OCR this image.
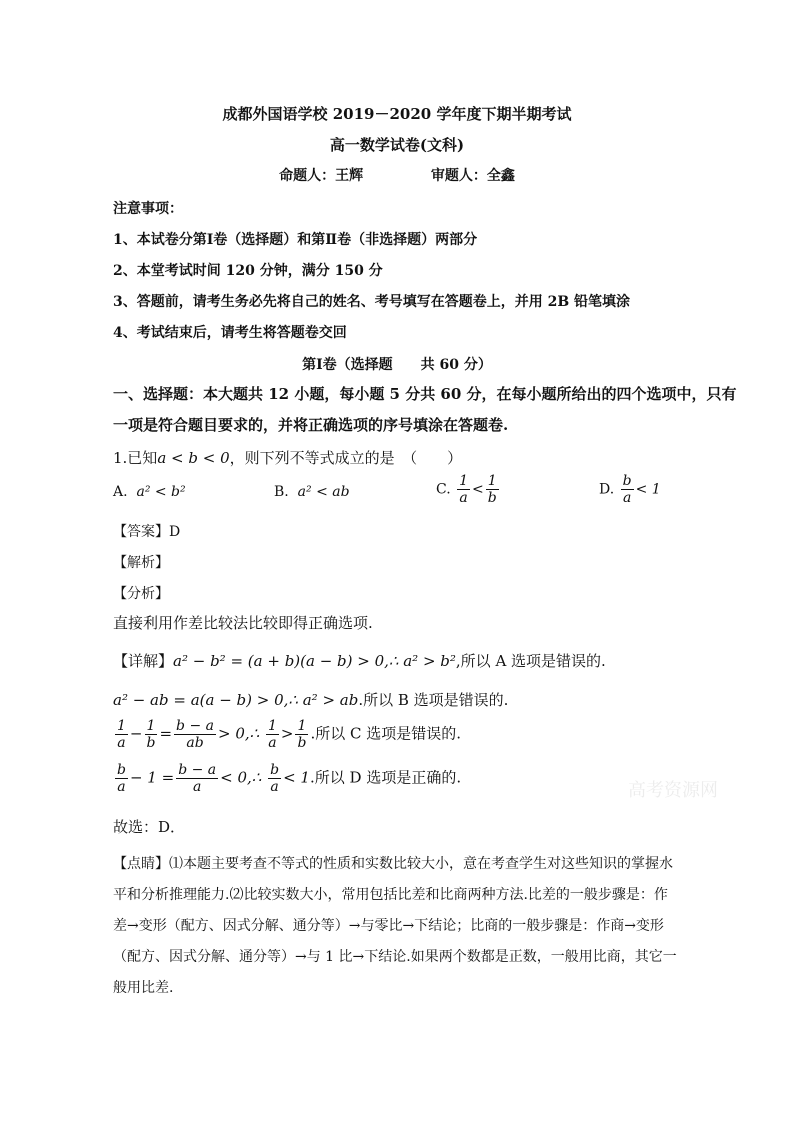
成都外国语学校 2019－2020 学年度下期半期考试
高一数学试卷(文科)
命题人：王辉	审题人：全鑫
注意事项：
1、本试卷分第Ⅰ卷（选择题）和第Ⅱ卷（非选择题）两部分
2、本堂考试时间 120 分钟，满分 150 分
3、答题前，请考生务必先将自己的姓名、考号填写在答题卷上，并用 2B 铅笔填涂
4、考试结束后，请考生将答题卷交回
第Ⅰ卷（选择题　　共 60 分）
一、选择题：本大题共 12 小题，每小题 5 分共 60 分，在每小题所给出的四个选项中，只有
一项是符合题目要求的，并将正确选项的序号填涂在答题卷.
1.已知a < b < 0，则下列不等式成立的是　（　　）
A. a² < b²	B. a² < ab	C. $\frac{1}{a} < \frac{1}{b}$	D. $\frac{b}{a} < 1$
【答案】D
【解析】
【分析】
直接利用作差比较法比较即得正确选项.
【详解】a² − b² = (a + b)(a − b) > 0,∴ a² > b²,所以 A 选项是错误的.
a² − ab = a(a − b) > 0,∴ a² > ab.所以 B 选项是错误的.
$\frac{1}{a} - \frac{1}{b} = \frac{b - a}{ab}$ > 0,∴ $\frac{1}{a} > \frac{1}{b}$ .所以 C 选项是错误的.
$\frac{b}{a} - 1 = \frac{b - a}{a}$ < 0,∴ $\frac{b}{a} < 1$.所以 D 选项是正确的.
高考资源网
故选：D．
【点睛】⑴本题主要考查不等式的性质和实数比较大小，意在考查学生对这些知识的掌握水
平和分析推理能力.⑵比较实数大小，常用包括比差和比商两种方法.比差的一般步骤是：作
差→变形（配方、因式分解、通分等）→与零比→下结论；比商的一般步骤是：作商→变形
（配方、因式分解、通分等）→与 1 比→下结论.如果两个数都是正数，一般用比商，其它一
般用比差.
